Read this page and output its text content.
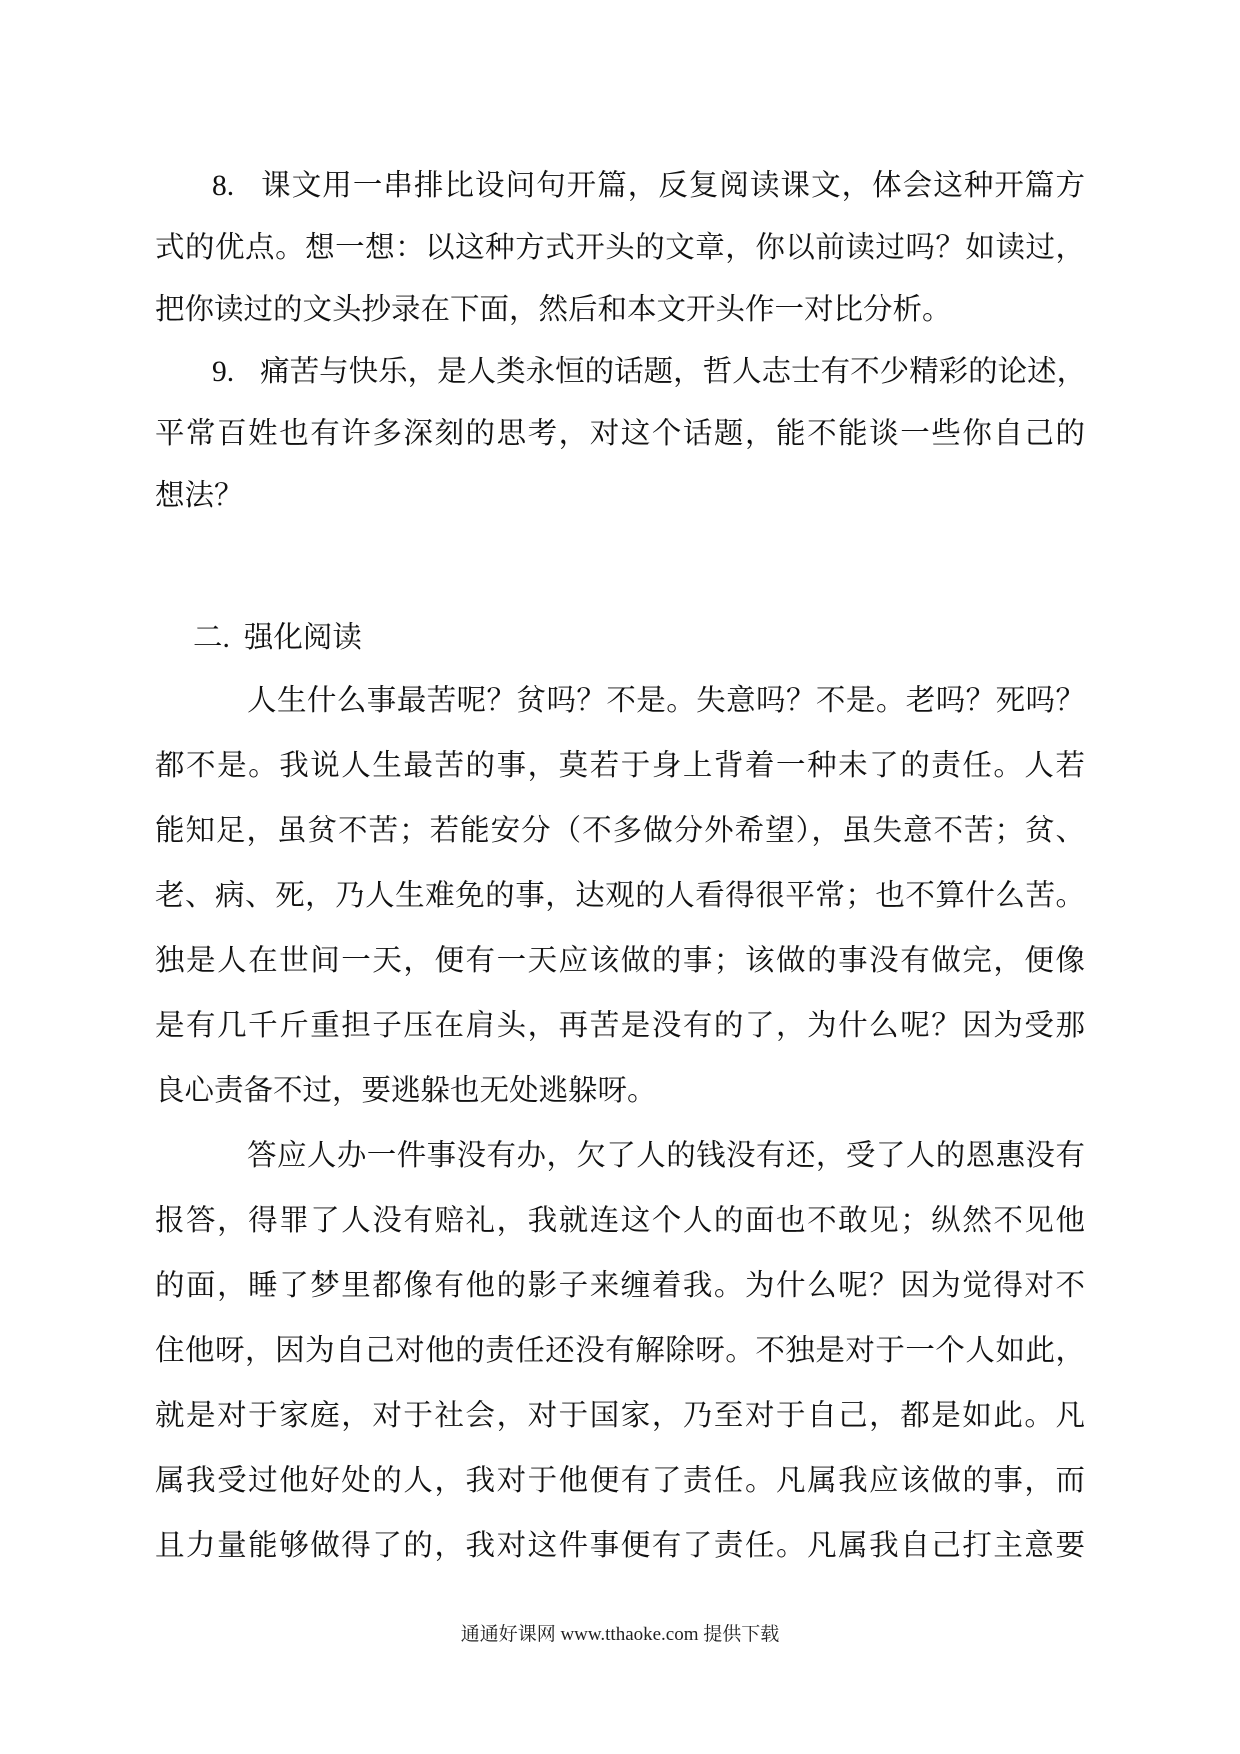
8. 课文用一串排比设问句开篇，反复阅读课文，体会这种开篇方
式的优点。想一想：以这种方式开头的文章，你以前读过吗？如读过，
把你读过的文头抄录在下面，然后和本文开头作一对比分析。
9. 痛苦与快乐，是人类永恒的话题，哲人志士有不少精彩的论述，
平常百姓也有许多深刻的思考，对这个话题，能不能谈一些你自己的
想法？
二. 强化阅读
人生什么事最苦呢？贫吗？不是。失意吗？不是。老吗？死吗？
都不是。我说人生最苦的事，莫若于身上背着一种未了的责任。人若
能知足，虽贫不苦；若能安分（不多做分外希望），虽失意不苦；贫、
老、病、死，乃人生难免的事，达观的人看得很平常；也不算什么苦。
独是人在世间一天，便有一天应该做的事；该做的事没有做完，便像
是有几千斤重担子压在肩头，再苦是没有的了，为什么呢？因为受那
良心责备不过，要逃躲也无处逃躲呀。
答应人办一件事没有办，欠了人的钱没有还，受了人的恩惠没有
报答，得罪了人没有赔礼，我就连这个人的面也不敢见；纵然不见他
的面，睡了梦里都像有他的影子来缠着我。为什么呢？因为觉得对不
住他呀，因为自己对他的责任还没有解除呀。不独是对于一个人如此，
就是对于家庭，对于社会，对于国家，乃至对于自己，都是如此。凡
属我受过他好处的人，我对于他便有了责任。凡属我应该做的事，而
且力量能够做得了的，我对这件事便有了责任。凡属我自己打主意要
通通好课网 www.tthaoke.com 提供下载
